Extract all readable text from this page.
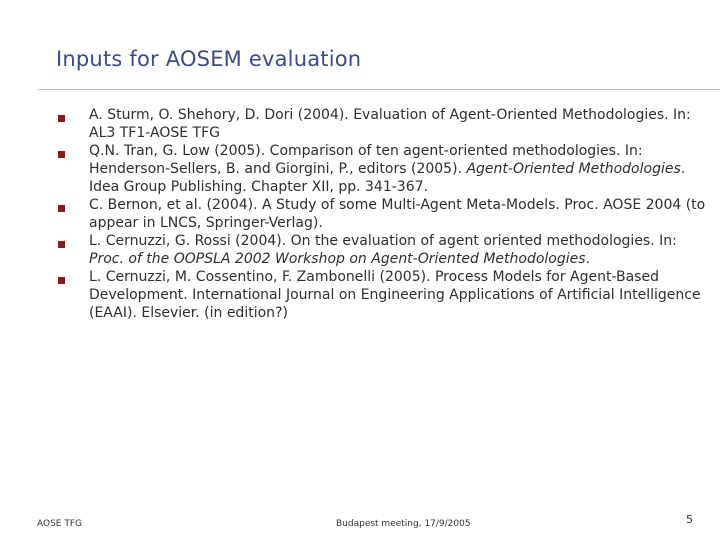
Inputs for AOSEM evaluation
A. Sturm, O. Shehory, D. Dori (2004). Evaluation of Agent-Oriented Methodologies. In: AL3 TF1-AOSE TFG
Q.N. Tran, G. Low (2005). Comparison of ten agent-oriented methodologies. In: Henderson-Sellers, B. and Giorgini, P., editors (2005). Agent-Oriented Methodologies. Idea Group Publishing. Chapter XII, pp. 341-367.
C. Bernon, et al. (2004). A Study of some Multi-Agent Meta-Models. Proc. AOSE 2004 (to appear in LNCS, Springer-Verlag).
L. Cernuzzi, G. Rossi (2004). On the evaluation of agent oriented methodologies. In: Proc. of the OOPSLA 2002 Workshop on Agent-Oriented Methodologies.
L. Cernuzzi, M. Cossentino, F. Zambonelli (2005). Process Models for Agent-Based Development. International Journal on Engineering Applications of Artificial Intelligence (EAAI). Elsevier. (in edition?)
AOSE TFG	Budapest meeting, 17/9/2005	5
